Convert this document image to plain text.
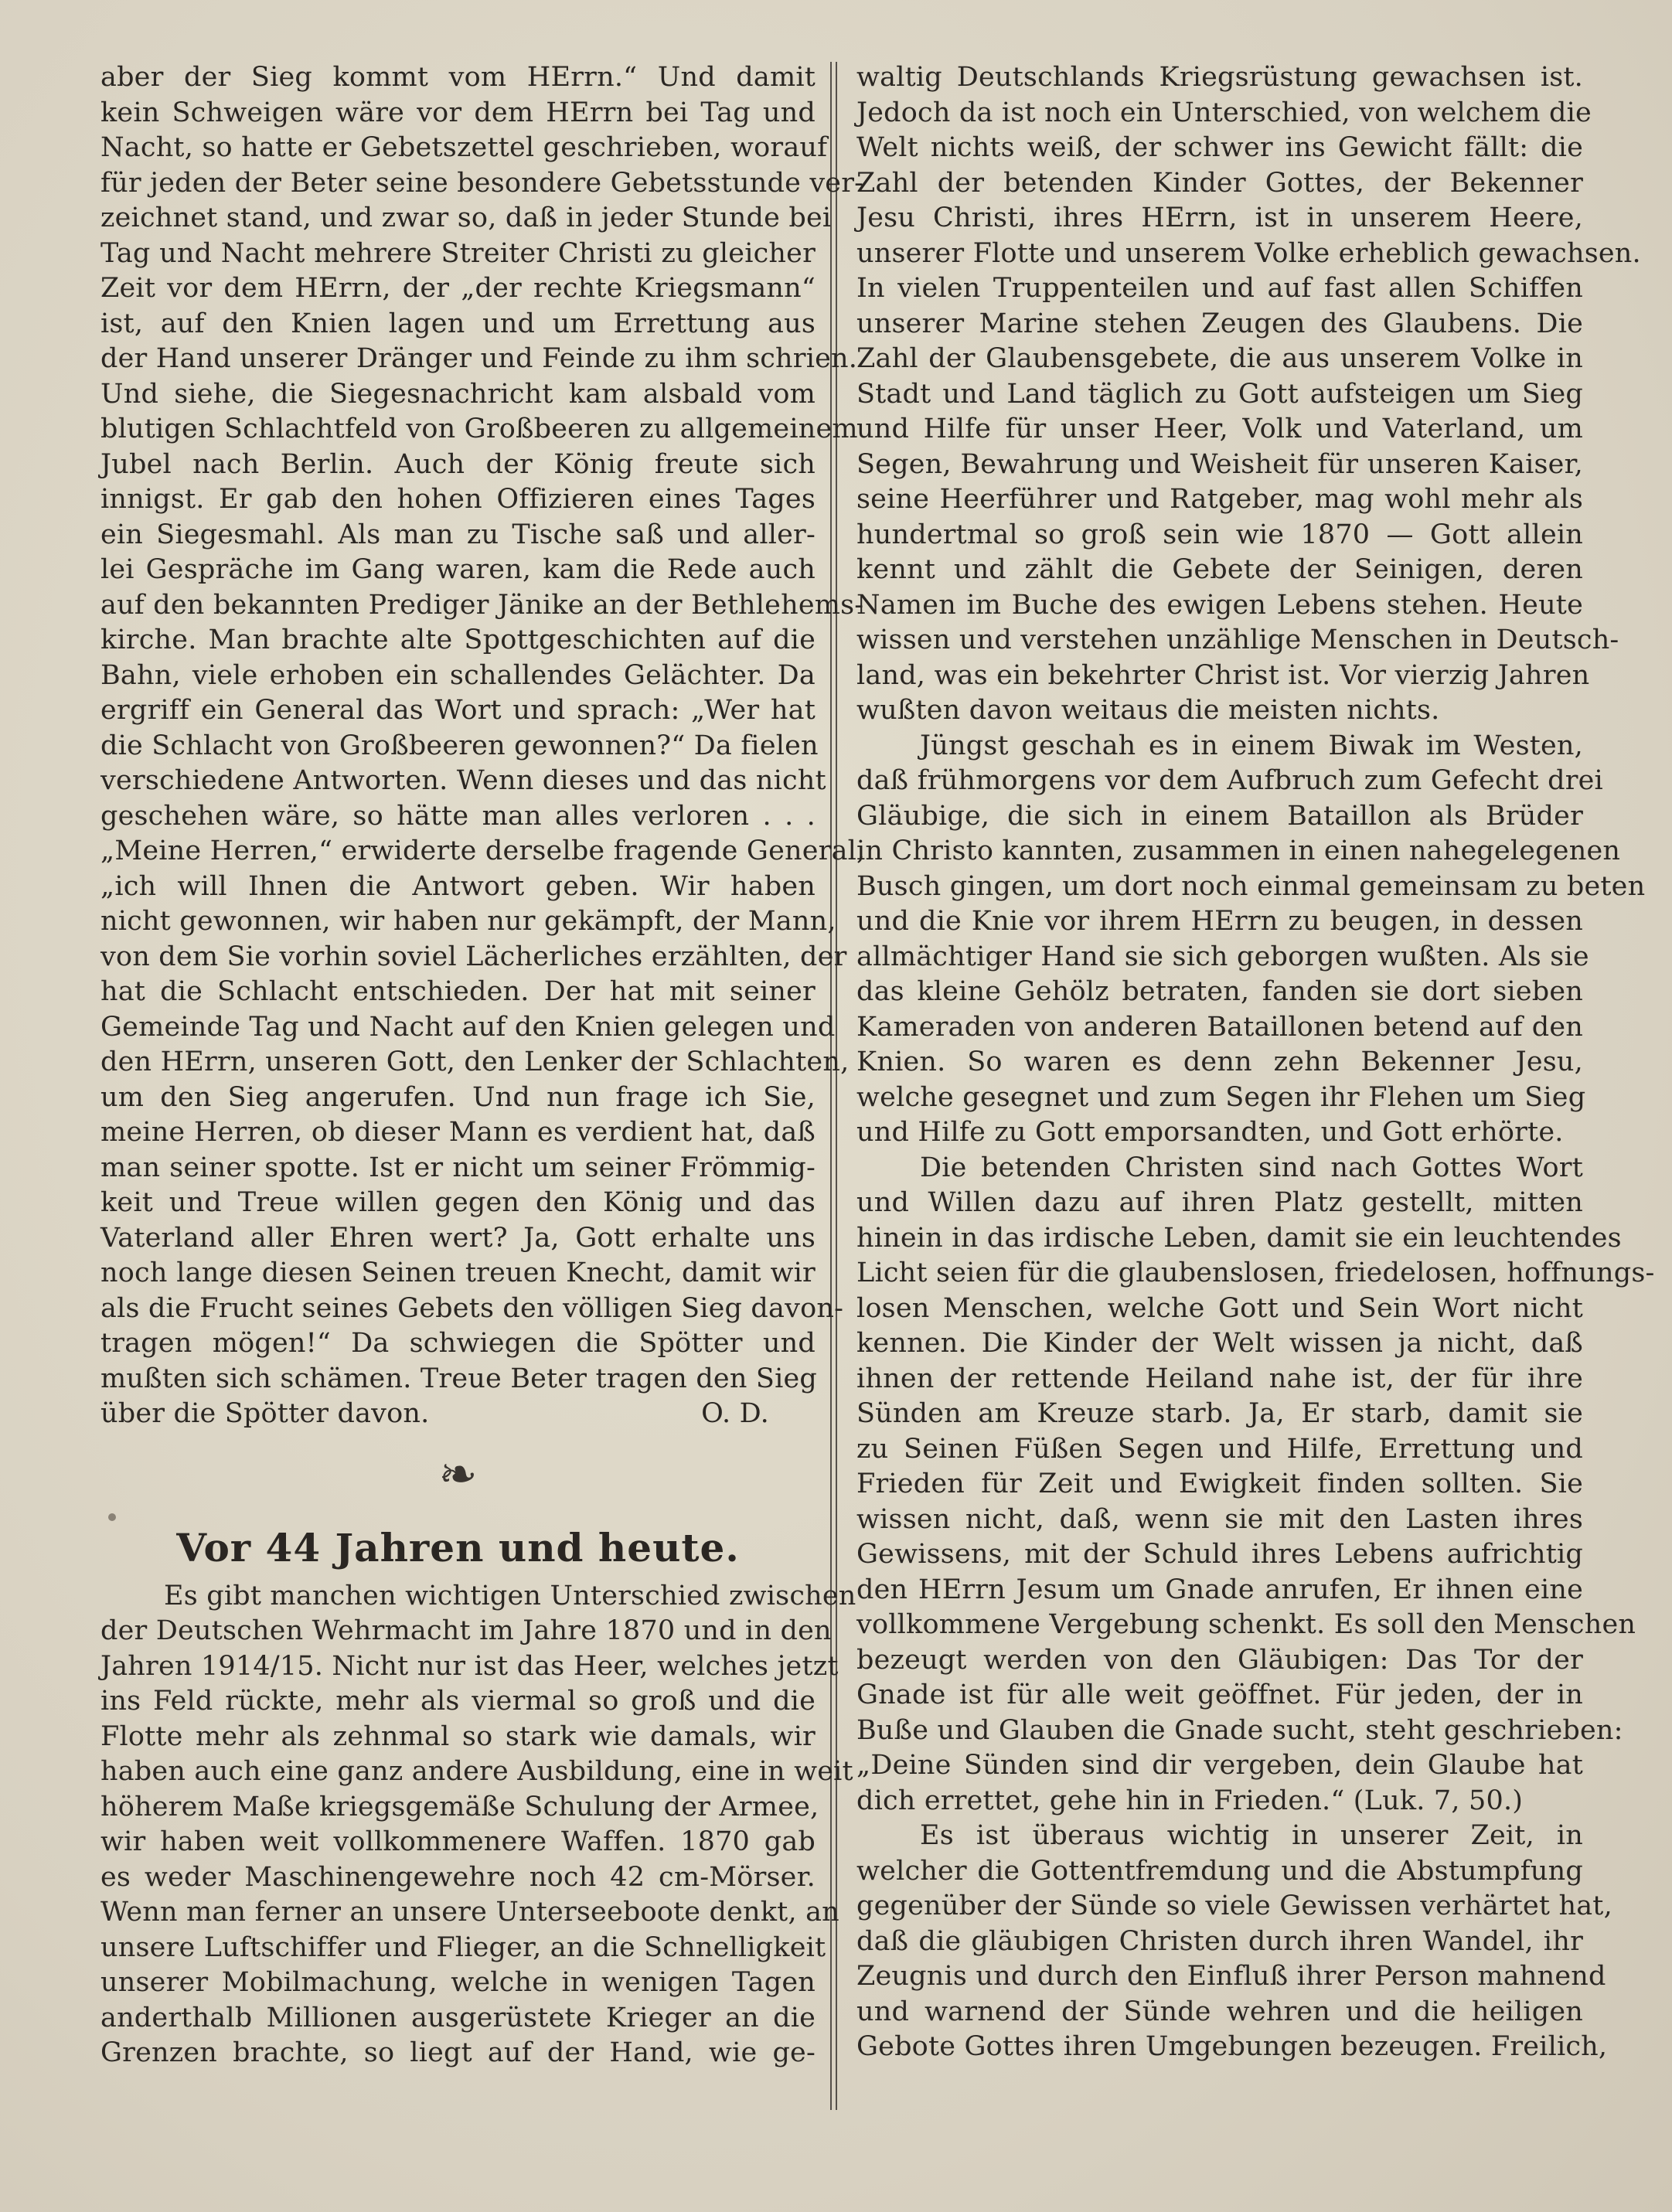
aber der Sieg kommt vom HErrn.“ Und damit
kein Schweigen wäre vor dem HErrn bei Tag und
Nacht, so hatte er Gebetszettel geschrieben, worauf
für jeden der Beter seine besondere Gebetsstunde ver-
zeichnet stand, und zwar so, daß in jeder Stunde bei
Tag und Nacht mehrere Streiter Christi zu gleicher
Zeit vor dem HErrn, der „der rechte Kriegsmann“
ist, auf den Knien lagen und um Errettung aus
der Hand unserer Dränger und Feinde zu ihm schrien.
Und siehe, die Siegesnachricht kam alsbald vom
blutigen Schlachtfeld von Großbeeren zu allgemeinem
Jubel nach Berlin. Auch der König freute sich
innigst. Er gab den hohen Offizieren eines Tages
ein Siegesmahl. Als man zu Tische saß und aller-
lei Gespräche im Gang waren, kam die Rede auch
auf den bekannten Prediger Jänike an der Bethlehems-
kirche. Man brachte alte Spottgeschichten auf die
Bahn, viele erhoben ein schallendes Gelächter. Da
ergriff ein General das Wort und sprach: „Wer hat
die Schlacht von Großbeeren gewonnen?“ Da fielen
verschiedene Antworten. Wenn dieses und das nicht
geschehen wäre, so hätte man alles verloren . . .
„Meine Herren,“ erwiderte derselbe fragende General,
„ich will Ihnen die Antwort geben. Wir haben
nicht gewonnen, wir haben nur gekämpft, der Mann,
von dem Sie vorhin soviel Lächerliches erzählten, der
hat die Schlacht entschieden. Der hat mit seiner
Gemeinde Tag und Nacht auf den Knien gelegen und
den HErrn, unseren Gott, den Lenker der Schlachten,
um den Sieg angerufen. Und nun frage ich Sie,
meine Herren, ob dieser Mann es verdient hat, daß
man seiner spotte. Ist er nicht um seiner Frömmig-
keit und Treue willen gegen den König und das
Vaterland aller Ehren wert? Ja, Gott erhalte uns
noch lange diesen Seinen treuen Knecht, damit wir
als die Frucht seines Gebets den völligen Sieg davon-
tragen mögen!“ Da schwiegen die Spötter und
mußten sich schämen. Treue Beter tragen den Sieg
über die Spötter davon.	O. D.
❧
Vor 44 Jahren und heute.
Es gibt manchen wichtigen Unterschied zwischen
der Deutschen Wehrmacht im Jahre 1870 und in den
Jahren 1914/15. Nicht nur ist das Heer, welches jetzt
ins Feld rückte, mehr als viermal so groß und die
Flotte mehr als zehnmal so stark wie damals, wir
haben auch eine ganz andere Ausbildung, eine in weit
höherem Maße kriegsgemäße Schulung der Armee,
wir haben weit vollkommenere Waffen. 1870 gab
es weder Maschinengewehre noch 42 cm-Mörser.
Wenn man ferner an unsere Unterseeboote denkt, an
unsere Luftschiffer und Flieger, an die Schnelligkeit
unserer Mobilmachung, welche in wenigen Tagen
anderthalb Millionen ausgerüstete Krieger an die
Grenzen brachte, so liegt auf der Hand, wie ge-
waltig Deutschlands Kriegsrüstung gewachsen ist.
Jedoch da ist noch ein Unterschied, von welchem die
Welt nichts weiß, der schwer ins Gewicht fällt: die
Zahl der betenden Kinder Gottes, der Bekenner
Jesu Christi, ihres HErrn, ist in unserem Heere,
unserer Flotte und unserem Volke erheblich gewachsen.
In vielen Truppenteilen und auf fast allen Schiffen
unserer Marine stehen Zeugen des Glaubens. Die
Zahl der Glaubensgebete, die aus unserem Volke in
Stadt und Land täglich zu Gott aufsteigen um Sieg
und Hilfe für unser Heer, Volk und Vaterland, um
Segen, Bewahrung und Weisheit für unseren Kaiser,
seine Heerführer und Ratgeber, mag wohl mehr als
hundertmal so groß sein wie 1870 — Gott allein
kennt und zählt die Gebete der Seinigen, deren
Namen im Buche des ewigen Lebens stehen. Heute
wissen und verstehen unzählige Menschen in Deutsch-
land, was ein bekehrter Christ ist. Vor vierzig Jahren
wußten davon weitaus die meisten nichts.
Jüngst geschah es in einem Biwak im Westen,
daß frühmorgens vor dem Aufbruch zum Gefecht drei
Gläubige, die sich in einem Bataillon als Brüder
in Christo kannten, zusammen in einen nahegelegenen
Busch gingen, um dort noch einmal gemeinsam zu beten
und die Knie vor ihrem HErrn zu beugen, in dessen
allmächtiger Hand sie sich geborgen wußten. Als sie
das kleine Gehölz betraten, fanden sie dort sieben
Kameraden von anderen Bataillonen betend auf den
Knien. So waren es denn zehn Bekenner Jesu,
welche gesegnet und zum Segen ihr Flehen um Sieg
und Hilfe zu Gott emporsandten, und Gott erhörte.
Die betenden Christen sind nach Gottes Wort
und Willen dazu auf ihren Platz gestellt, mitten
hinein in das irdische Leben, damit sie ein leuchtendes
Licht seien für die glaubenslosen, friedelosen, hoffnungs-
losen Menschen, welche Gott und Sein Wort nicht
kennen. Die Kinder der Welt wissen ja nicht, daß
ihnen der rettende Heiland nahe ist, der für ihre
Sünden am Kreuze starb. Ja, Er starb, damit sie
zu Seinen Füßen Segen und Hilfe, Errettung und
Frieden für Zeit und Ewigkeit finden sollten. Sie
wissen nicht, daß, wenn sie mit den Lasten ihres
Gewissens, mit der Schuld ihres Lebens aufrichtig
den HErrn Jesum um Gnade anrufen, Er ihnen eine
vollkommene Vergebung schenkt. Es soll den Menschen
bezeugt werden von den Gläubigen: Das Tor der
Gnade ist für alle weit geöffnet. Für jeden, der in
Buße und Glauben die Gnade sucht, steht geschrieben:
„Deine Sünden sind dir vergeben, dein Glaube hat
dich errettet, gehe hin in Frieden.“ (Luk. 7, 50.)
Es ist überaus wichtig in unserer Zeit, in
welcher die Gottentfremdung und die Abstumpfung
gegenüber der Sünde so viele Gewissen verhärtet hat,
daß die gläubigen Christen durch ihren Wandel, ihr
Zeugnis und durch den Einfluß ihrer Person mahnend
und warnend der Sünde wehren und die heiligen
Gebote Gottes ihren Umgebungen bezeugen. Freilich,
